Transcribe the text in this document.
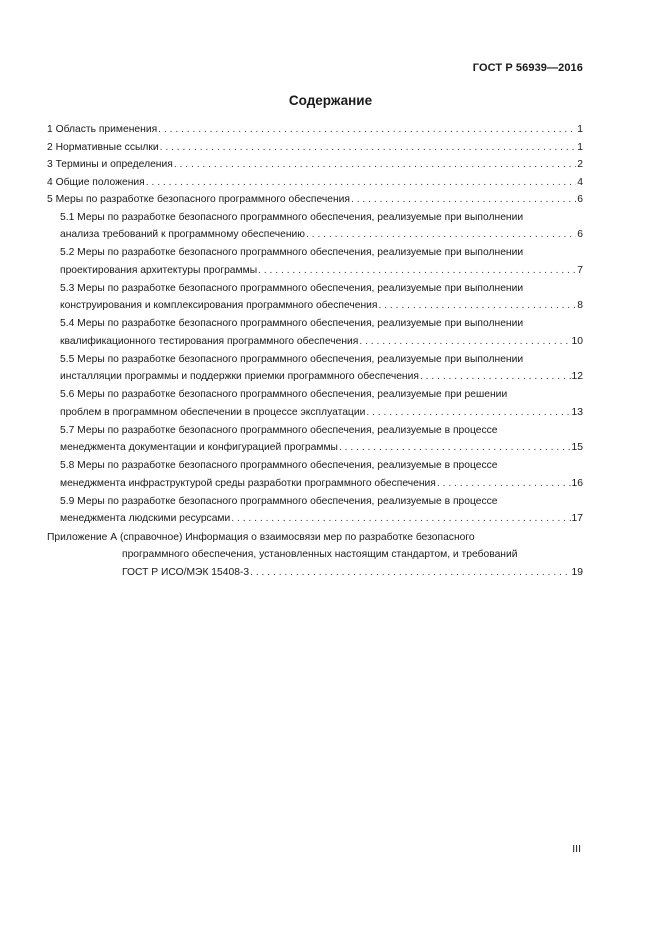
ГОСТ Р 56939—2016
Содержание
1 Область применения . . .	1
2 Нормативные ссылки . . .	1
3 Термины и определения . . .	2
4 Общие положения . . .	4
5 Меры по разработке безопасного программного обеспечения . . .	6
5.1 Меры по разработке безопасного программного обеспечения, реализуемые при выполнении
анализа требований к программному обеспечению . . .	6
5.2 Меры по разработке безопасного программного обеспечения, реализуемые при выполнении
проектирования архитектуры программы . . .	7
5.3 Меры по разработке безопасного программного обеспечения, реализуемые при выполнении
конструирования и комплексирования программного обеспечения . . .	8
5.4 Меры по разработке безопасного программного обеспечения, реализуемые при выполнении
квалификационного тестирования программного обеспечения . . .	10
5.5 Меры по разработке безопасного программного обеспечения, реализуемые при выполнении
инсталляции программы и поддержки приемки программного обеспечения . . .	12
5.6 Меры по разработке безопасного программного обеспечения, реализуемые при решении
проблем в программном обеспечении в процессе эксплуатации . . .	13
5.7 Меры по разработке безопасного программного обеспечения, реализуемые в процессе
менеджмента документации и конфигурацией программы . . .	15
5.8 Меры по разработке безопасного программного обеспечения, реализуемые в процессе
менеджмента инфраструктурой среды разработки программного обеспечения . . .	16
5.9 Меры по разработке безопасного программного обеспечения, реализуемые в процессе
менеджмента людскими ресурсами . . .	17
Приложение А (справочное) Информация о взаимосвязи мер по разработке безопасного
программного обеспечения, установленных настоящим стандартом, и требований
ГОСТ Р ИСО/МЭК 15408-3 . . .	19
III
